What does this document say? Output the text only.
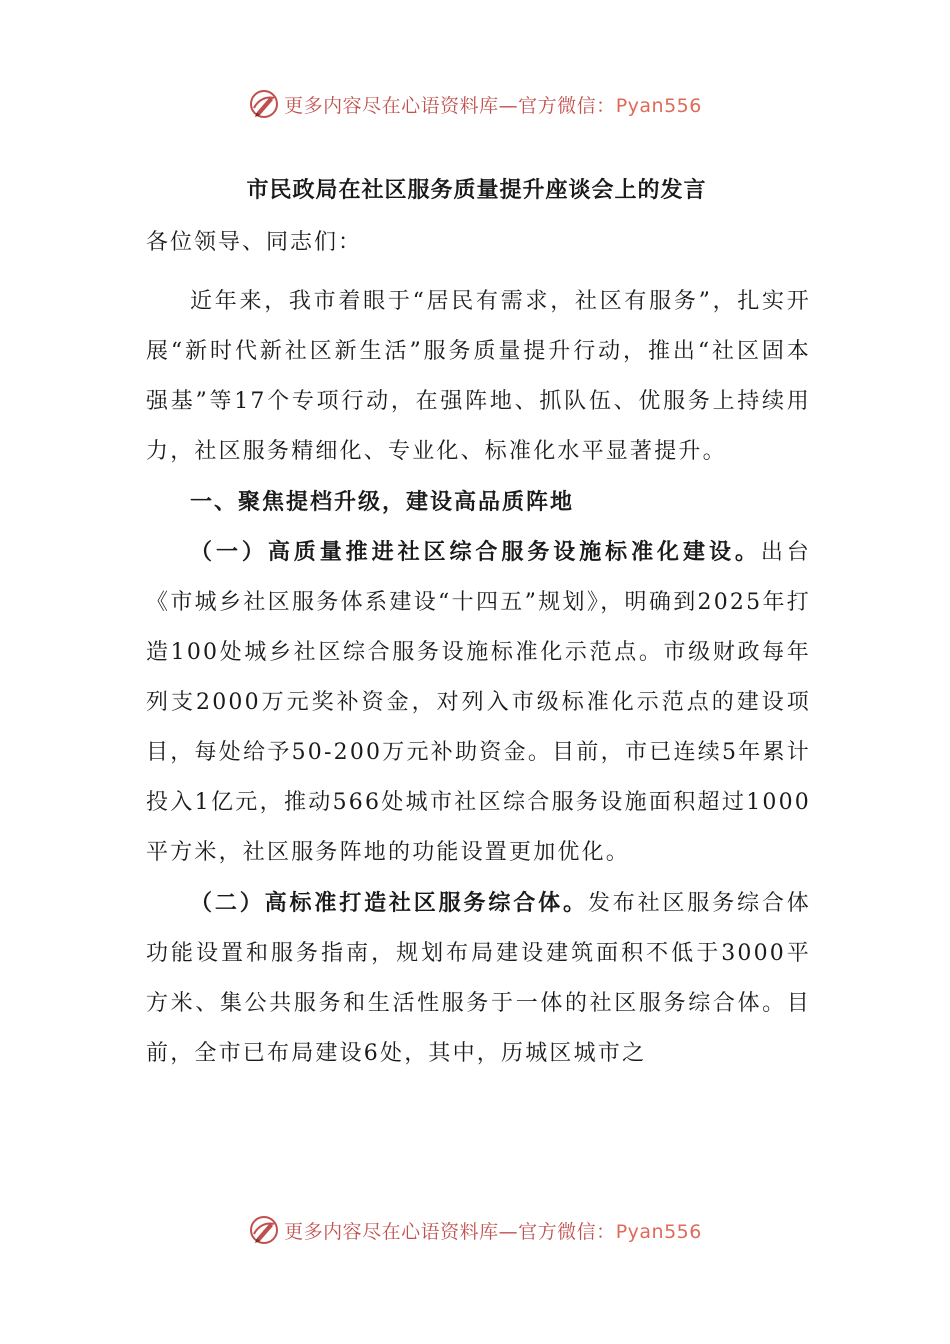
更多内容尽在心语资料库—官方微信：Pyan556
市民政局在社区服务质量提升座谈会上的发言
各位领导、同志们：

近年来，我市着眼于“居民有需求，社区有服务”，扎实开展“新时代新社区新生活”服务质量提升行动，推出“社区固本强基”等17个专项行动，在强阵地、抓队伍、优服务上持续用力，社区服务精细化、专业化、标准化水平显著提升。

一、聚焦提档升级，建设高品质阵地

（一）高质量推进社区综合服务设施标准化建设。出台《市城乡社区服务体系建设“十四五”规划》，明确到2025年打造100处城乡社区综合服务设施标准化示范点。市级财政每年列支2000万元奖补资金，对列入市级标准化示范点的建设项目，每处给予50-200万元补助资金。目前，市已连续5年累计投入1亿元，推动566处城市社区综合服务设施面积超过1000平方米，社区服务阵地的功能设置更加优化。

（二）高标准打造社区服务综合体。发布社区服务综合体功能设置和服务指南，规划布局建设建筑面积不低于3000平方米、集公共服务和生活性服务于一体的社区服务综合体。目前，全市已布局建设6处，其中，历城区城市之

更多内容尽在心语资料库—官方微信：Pyan556
